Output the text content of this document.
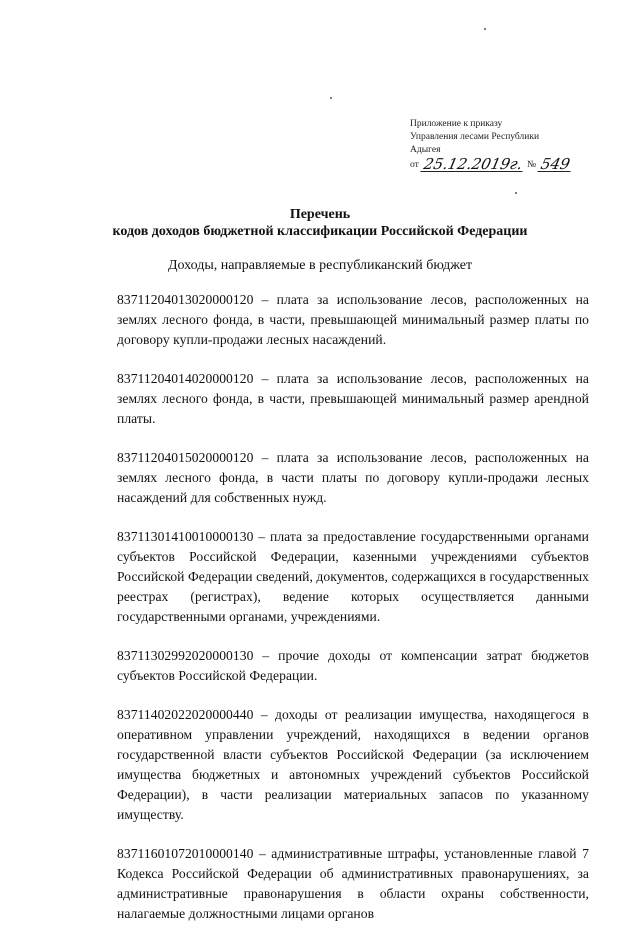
Приложение к приказу
Управления лесами Республики
Адыгея
от 25.12.2019г. № 549
Перечень
кодов доходов бюджетной классификации Российской Федерации
Доходы, направляемые в республиканский бюджет

83711204013020000120 – плата за использование лесов, расположенных на землях лесного фонда, в части, превышающей минимальный размер платы по договору купли-продажи лесных насаждений.

83711204014020000120 – плата за использование лесов, расположенных на землях лесного фонда, в части, превышающей минимальный размер арендной платы.

83711204015020000120 – плата за использование лесов, расположенных на землях лесного фонда, в части платы по договору купли-продажи лесных насаждений для собственных нужд.

83711301410010000130 – плата за предоставление государственными органами субъектов Российской Федерации, казенными учреждениями субъектов Российской Федерации сведений, документов, содержащихся в государственных реестрах (регистрах), ведение которых осуществляется данными государственными органами, учреждениями.

83711302992020000130 – прочие доходы от компенсации затрат бюджетов субъектов Российской Федерации.

83711402022020000440 – доходы от реализации имущества, находящегося в оперативном управлении учреждений, находящихся в ведении органов государственной власти субъектов Российской Федерации (за исключением имущества бюджетных и автономных учреждений субъектов Российской Федерации), в части реализации материальных запасов по указанному имуществу.

83711601072010000140 – административные штрафы, установленные главой 7 Кодекса Российской Федерации об административных правонарушениях, за административные правонарушения в области охраны собственности, налагаемые должностными лицами органов
